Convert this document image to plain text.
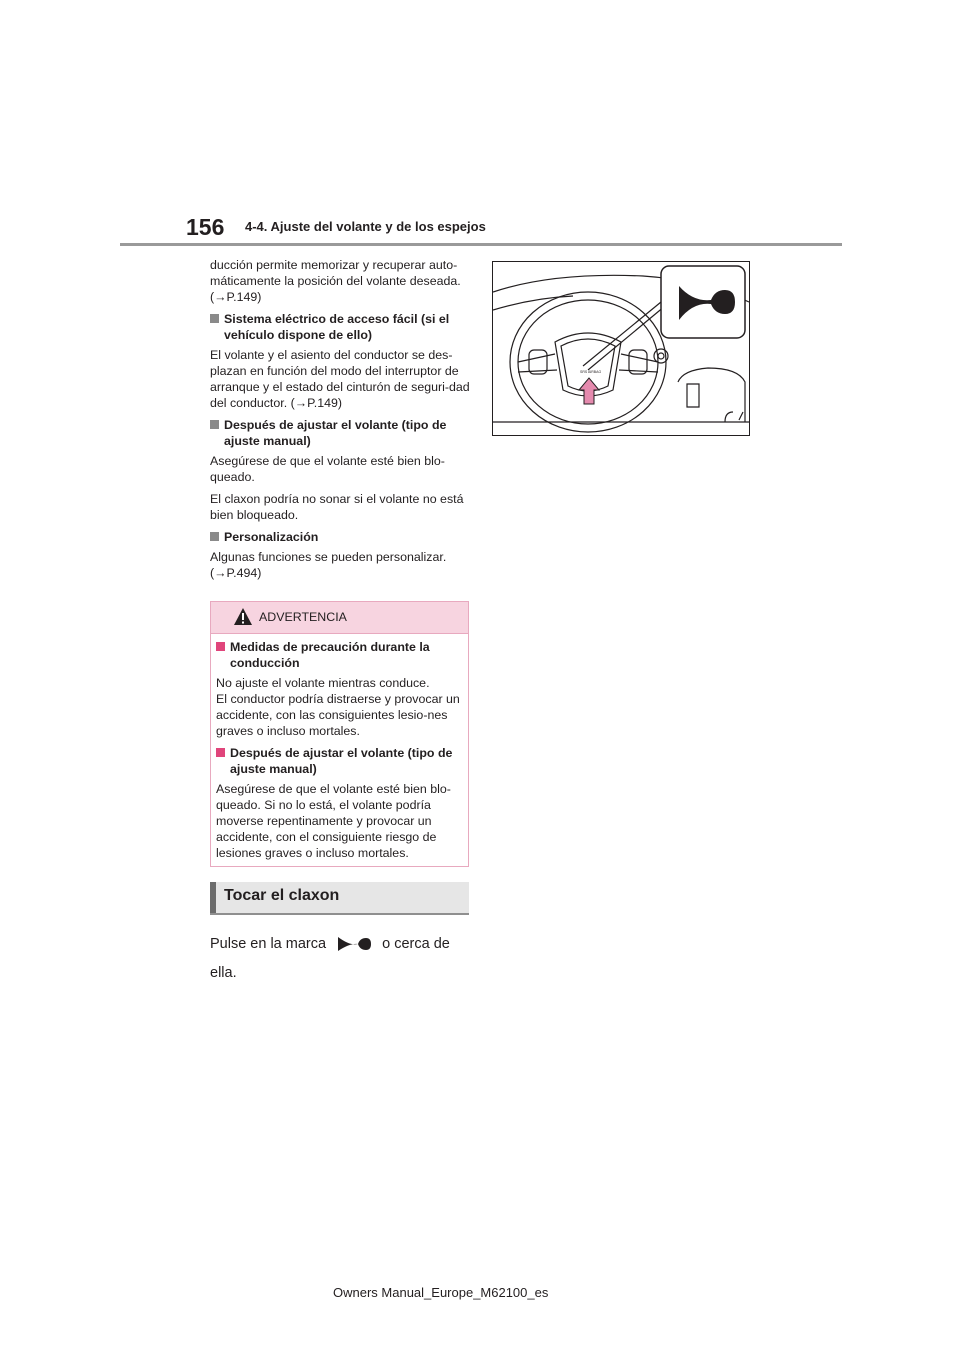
156 4-4. Ajuste del volante y de los espejos

ducción permite memorizar y recuperar auto-máticamente la posición del volante deseada. (→P.149)

Sistema eléctrico de acceso fácil (si el vehículo dispone de ello)

El volante y el asiento del conductor se des-plazan en función del modo del interruptor de arranque y el estado del cinturón de seguri-dad del conductor. (→P.149)

Después de ajustar el volante (tipo de ajuste manual)

Asegúrese de que el volante esté bien blo-queado.

El claxon podría no sonar si el volante no está bien bloqueado.

Personalización

Algunas funciones se pueden personalizar. (→P.494)

ADVERTENCIA
Medidas de precaución durante la conducción

No ajuste el volante mientras conduce.

El conductor podría distraerse y provocar un accidente, con las consiguientes lesio-nes graves o incluso mortales.

Después de ajustar el volante (tipo de ajuste manual)

Asegúrese de que el volante esté bien blo-queado. Si no lo está, el volante podría moverse repentinamente y provocar un accidente, con el consiguiente riesgo de lesiones graves o incluso mortales.

Tocar el claxon
Pulse en la marca	o cerca de ella.
SRS AIRBAG
Owners Manual_Europe_M62100_es
